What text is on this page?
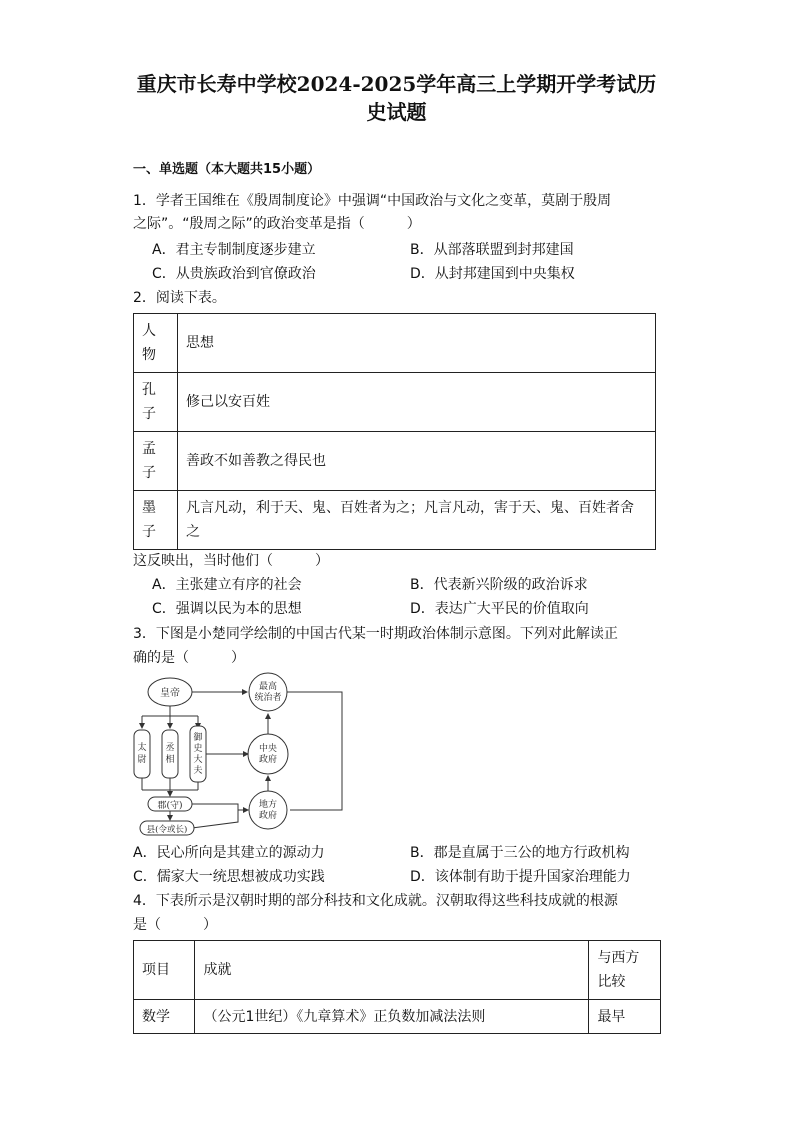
重庆市长寿中学校2024-2025学年高三上学期开学考试历
史试题
一、单选题（本大题共15小题）
1．学者王国维在《殷周制度论》中强调“中国政治与文化之变革，莫剧于殷周
之际”。“殷周之际”的政治变革是指（　　　）
A．君主专制制度逐步建立	B．从部落联盟到封邦建国
C．从贵族政治到官僚政治	D．从封邦建国到中央集权
2．阅读下表。
人物	思想
孔子	修己以安百姓
孟子	善政不如善教之得民也
墨子	凡言凡动，利于天、鬼、百姓者为之；凡言凡动，害于天、鬼、百姓者舍之
这反映出，当时他们（　　　）
A．主张建立有序的社会	B．代表新兴阶级的政治诉求
C．强调以民为本的思想	D．表达广大平民的价值取向
3．下图是小楚同学绘制的中国古代某一时期政治体制示意图。下列对此解读正
确的是（　　　）
皇帝
最高
统治者
太
尉
丞
相
御
史
大
夫
中央
政府
郡(守)	地方
政府
县(令或长)
A．民心所向是其建立的源动力	B．郡是直属于三公的地方行政机构
C．儒家大一统思想被成功实践	D．该体制有助于提升国家治理能力
4．下表所示是汉朝时期的部分科技和文化成就。汉朝取得这些科技成就的根源
是（　　　）
项目	成就	与西方比较
数学	（公元1世纪）《九章算术》正负数加减法法则	最早
